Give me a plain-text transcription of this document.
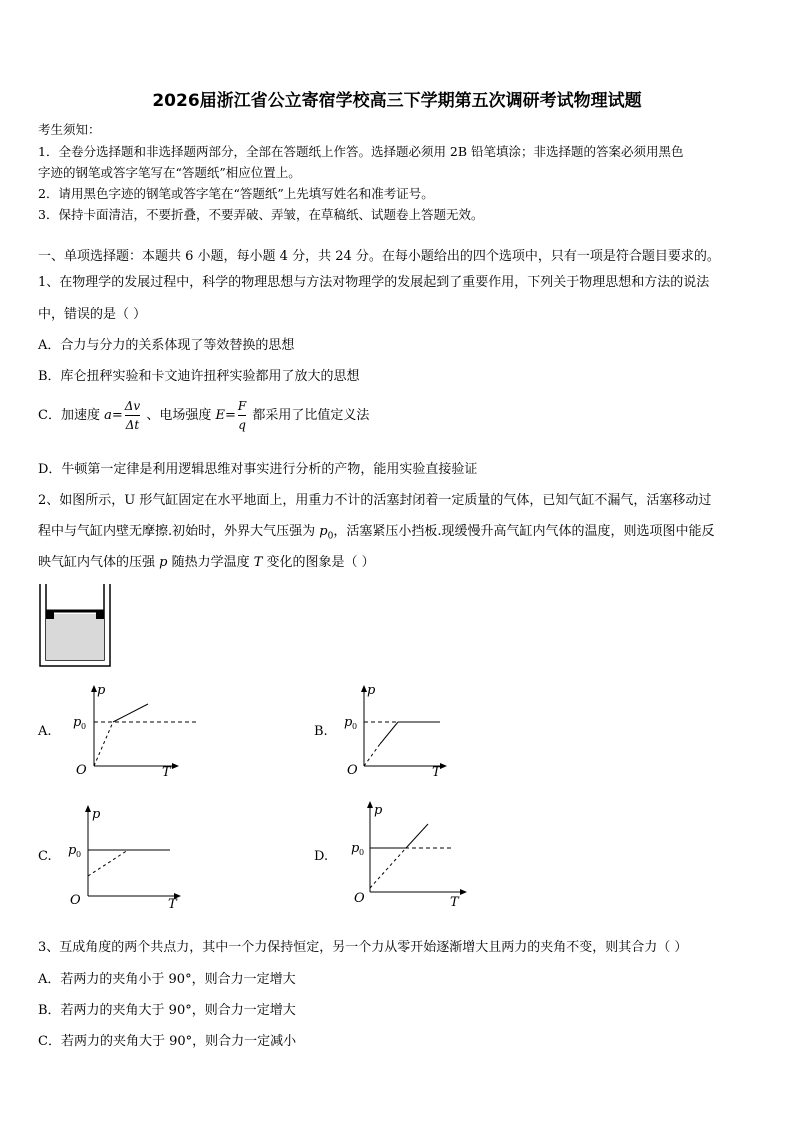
2026届浙江省公立寄宿学校高三下学期第五次调研考试物理试题
考生须知：
1．全卷分选择题和非选择题两部分，全部在答题纸上作答。选择题必须用 2B 铅笔填涂；非选择题的答案必须用黑色
字迹的钢笔或答字笔写在“答题纸”相应位置上。
2．请用黑色字迹的钢笔或答字笔在“答题纸”上先填写姓名和准考证号。
3．保持卡面清洁，不要折叠，不要弄破、弄皱，在草稿纸、试题卷上答题无效。
一、单项选择题：本题共 6 小题，每小题 4 分，共 24 分。在每小题给出的四个选项中，只有一项是符合题目要求的。
1、在物理学的发展过程中，科学的物理思想与方法对物理学的发展起到了重要作用，下列关于物理思想和方法的说法
中，错误的是（ ）
A．合力与分力的关系体现了等效替换的思想
B．库仑扭秤实验和卡文迪许扭秤实验都用了放大的思想
C．加速度 $a= \frac{\Delta v}{\Delta t}$ 、电场强度 $E= \frac{F}{q}$ 都采用了比值定义法
D．牛顿第一定律是利用逻辑思维对事实进行分析的产物，能用实验直接验证
2、如图所示，U 形气缸固定在水平地面上，用重力不计的活塞封闭着一定质量的气体，已知气缸不漏气，活塞移动过
程中与气缸内壁无摩擦.初始时，外界大气压强为 $p_0$，活塞紧压小挡板.现缓慢升高气缸内气体的温度，则选项图中能反
映气缸内气体的压强 p 随热力学温度 T 变化的图象是（ ）
A.
p
T
O
p 0	B.
p
T
O
p 0
C.
p
T
O
p 0	D.
p
T
O
p 0
3、互成角度的两个共点力，其中一个力保持恒定，另一个力从零开始逐渐增大且两力的夹角不变，则其合力（ ）
A．若两力的夹角小于 90°，则合力一定增大
B．若两力的夹角大于 90°，则合力一定增大
C．若两力的夹角大于 90°，则合力一定减小
